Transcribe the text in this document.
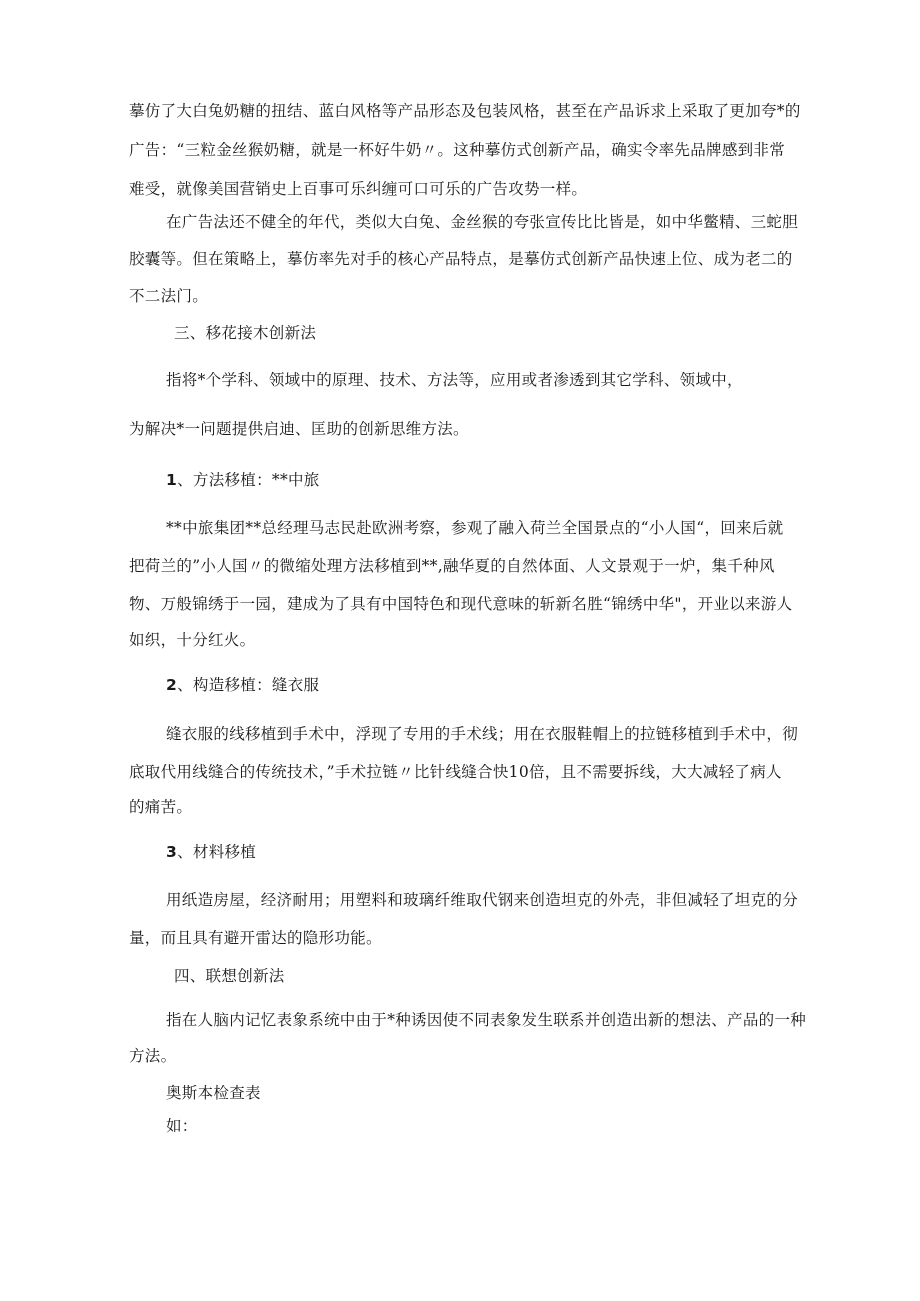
摹仿了大白兔奶糖的扭结、蓝白风格等产品形态及包装风格，甚至在产品诉求上采取了更加夸*的
广告：“三粒金丝猴奶糖，就是一杯好牛奶〃。这种摹仿式创新产品，确实令率先品牌感到非常
难受，就像美国营销史上百事可乐纠缠可口可乐的广告攻势一样。
在广告法还不健全的年代，类似大白兔、金丝猴的夸张宣传比比皆是，如中华鳖精、三蛇胆
胶囊等。但在策略上，摹仿率先对手的核心产品特点，是摹仿式创新产品快速上位、成为老二的
不二法门。
三、移花接木创新法
指将*个学科、领域中的原理、技术、方法等，应用或者渗透到其它学科、领域中，
为解决*一问题提供启迪、匡助的创新思维方法。
1、方法移植：**中旅
**中旅集团**总经理马志民赴欧洲考察，参观了融入荷兰全国景点的“小人国“，回来后就
把荷兰的”小人国〃的微缩处理方法移植到**,融华夏的自然体面、人文景观于一炉，集千种风
物、万般锦绣于一园，建成为了具有中国特色和现代意味的斩新名胜“锦绣中华"，开业以来游人
如织，十分红火。
2、构造移植：缝衣服
缝衣服的线移植到手术中，浮现了专用的手术线；用在衣服鞋帽上的拉链移植到手术中，彻
底取代用线缝合的传统技术，”手术拉链〃比针线缝合快10倍，且不需要拆线，大大减轻了病人
的痛苦。
3、材料移植
用纸造房屋，经济耐用；用塑料和玻璃纤维取代钢来创造坦克的外壳，非但减轻了坦克的分
量，而且具有避开雷达的隐形功能。
四、联想创新法
指在人脑内记忆表象系统中由于*种诱因使不同表象发生联系并创造出新的想法、产品的一种
方法。
奥斯本检查表
如：
